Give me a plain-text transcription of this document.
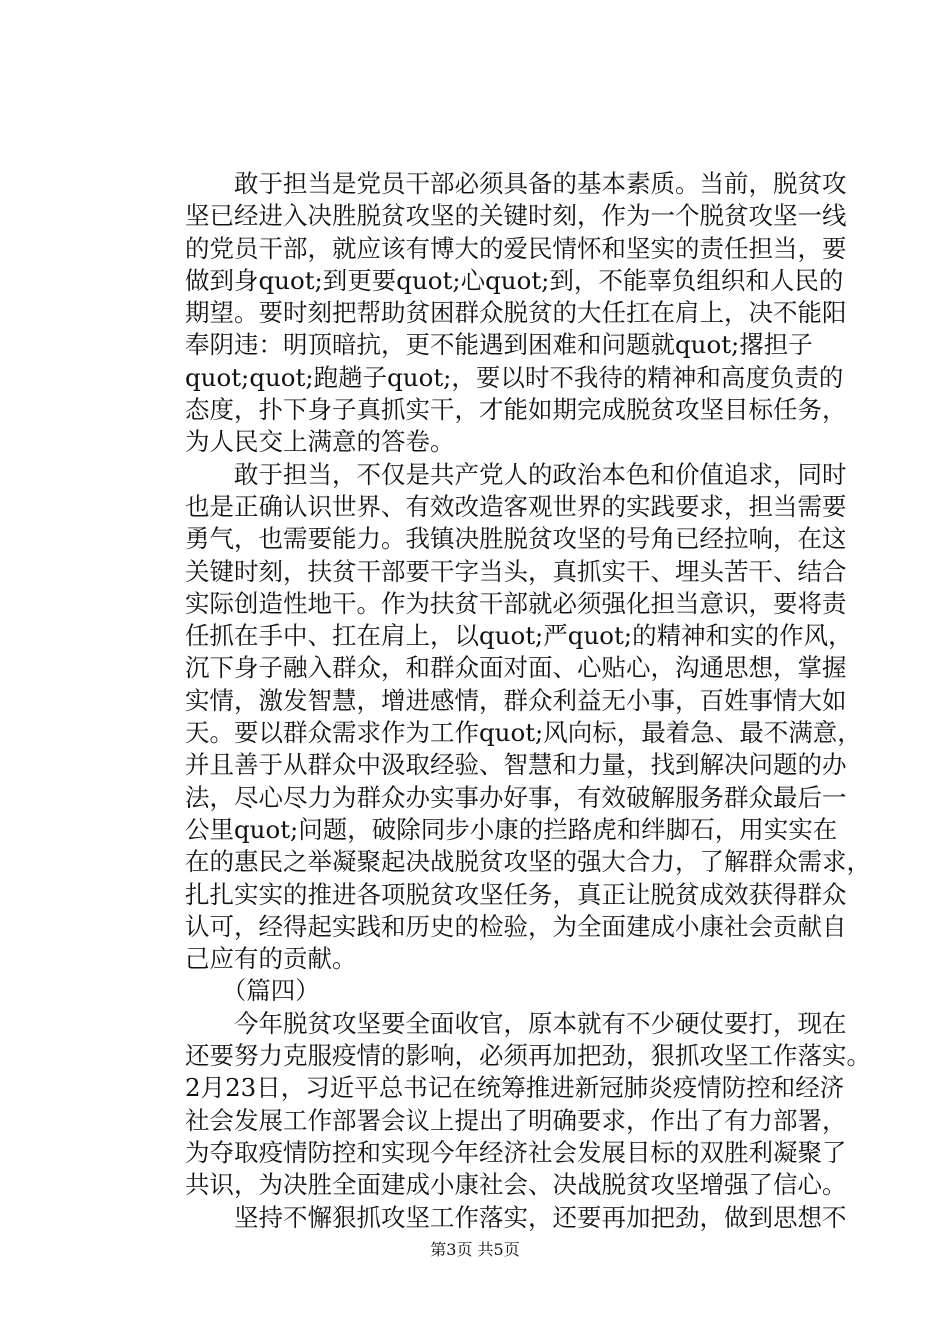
　　敢于担当是党员干部必须具备的基本素质。当前，脱贫攻
坚已经进入决胜脱贫攻坚的关键时刻，作为一个脱贫攻坚一线
的党员干部，就应该有博大的爱民情怀和坚实的责任担当，要
做到身quot;到更要quot;心quot;到，不能辜负组织和人民的
期望。要时刻把帮助贫困群众脱贫的大任扛在肩上，决不能阳
奉阴违：明顶暗抗，更不能遇到困难和问题就quot;撂担子
quot;quot;跑趟子quot;，要以时不我待的精神和高度负责的
态度，扑下身子真抓实干，才能如期完成脱贫攻坚目标任务，
为人民交上满意的答卷。
　　敢于担当，不仅是共产党人的政治本色和价值追求，同时
也是正确认识世界、有效改造客观世界的实践要求，担当需要
勇气，也需要能力。我镇决胜脱贫攻坚的号角已经拉响，在这
关键时刻，扶贫干部要干字当头，真抓实干、埋头苦干、结合
实际创造性地干。作为扶贫干部就必须强化担当意识，要将责
任抓在手中、扛在肩上，以quot;严quot;的精神和实的作风，
沉下身子融入群众，和群众面对面、心贴心，沟通思想，掌握
实情，激发智慧，增进感情，群众利益无小事，百姓事情大如
天。要以群众需求作为工作quot;风向标，最着急、最不满意，
并且善于从群众中汲取经验、智慧和力量，找到解决问题的办
法，尽心尽力为群众办实事办好事，有效破解服务群众最后一
公里quot;问题，破除同步小康的拦路虎和绊脚石，用实实在
在的惠民之举凝聚起决战脱贫攻坚的强大合力，了解群众需求，
扎扎实实的推进各项脱贫攻坚任务，真正让脱贫成效获得群众
认可，经得起实践和历史的检验，为全面建成小康社会贡献自
己应有的贡献。
　　（篇四）
　　今年脱贫攻坚要全面收官，原本就有不少硬仗要打，现在
还要努力克服疫情的影响，必须再加把劲，狠抓攻坚工作落实。
2月23日，习近平总书记在统筹推进新冠肺炎疫情防控和经济
社会发展工作部署会议上提出了明确要求，作出了有力部署，
为夺取疫情防控和实现今年经济社会发展目标的双胜利凝聚了
共识，为决胜全面建成小康社会、决战脱贫攻坚增强了信心。
　　坚持不懈狠抓攻坚工作落实，还要再加把劲，做到思想不
第3页 共5页
